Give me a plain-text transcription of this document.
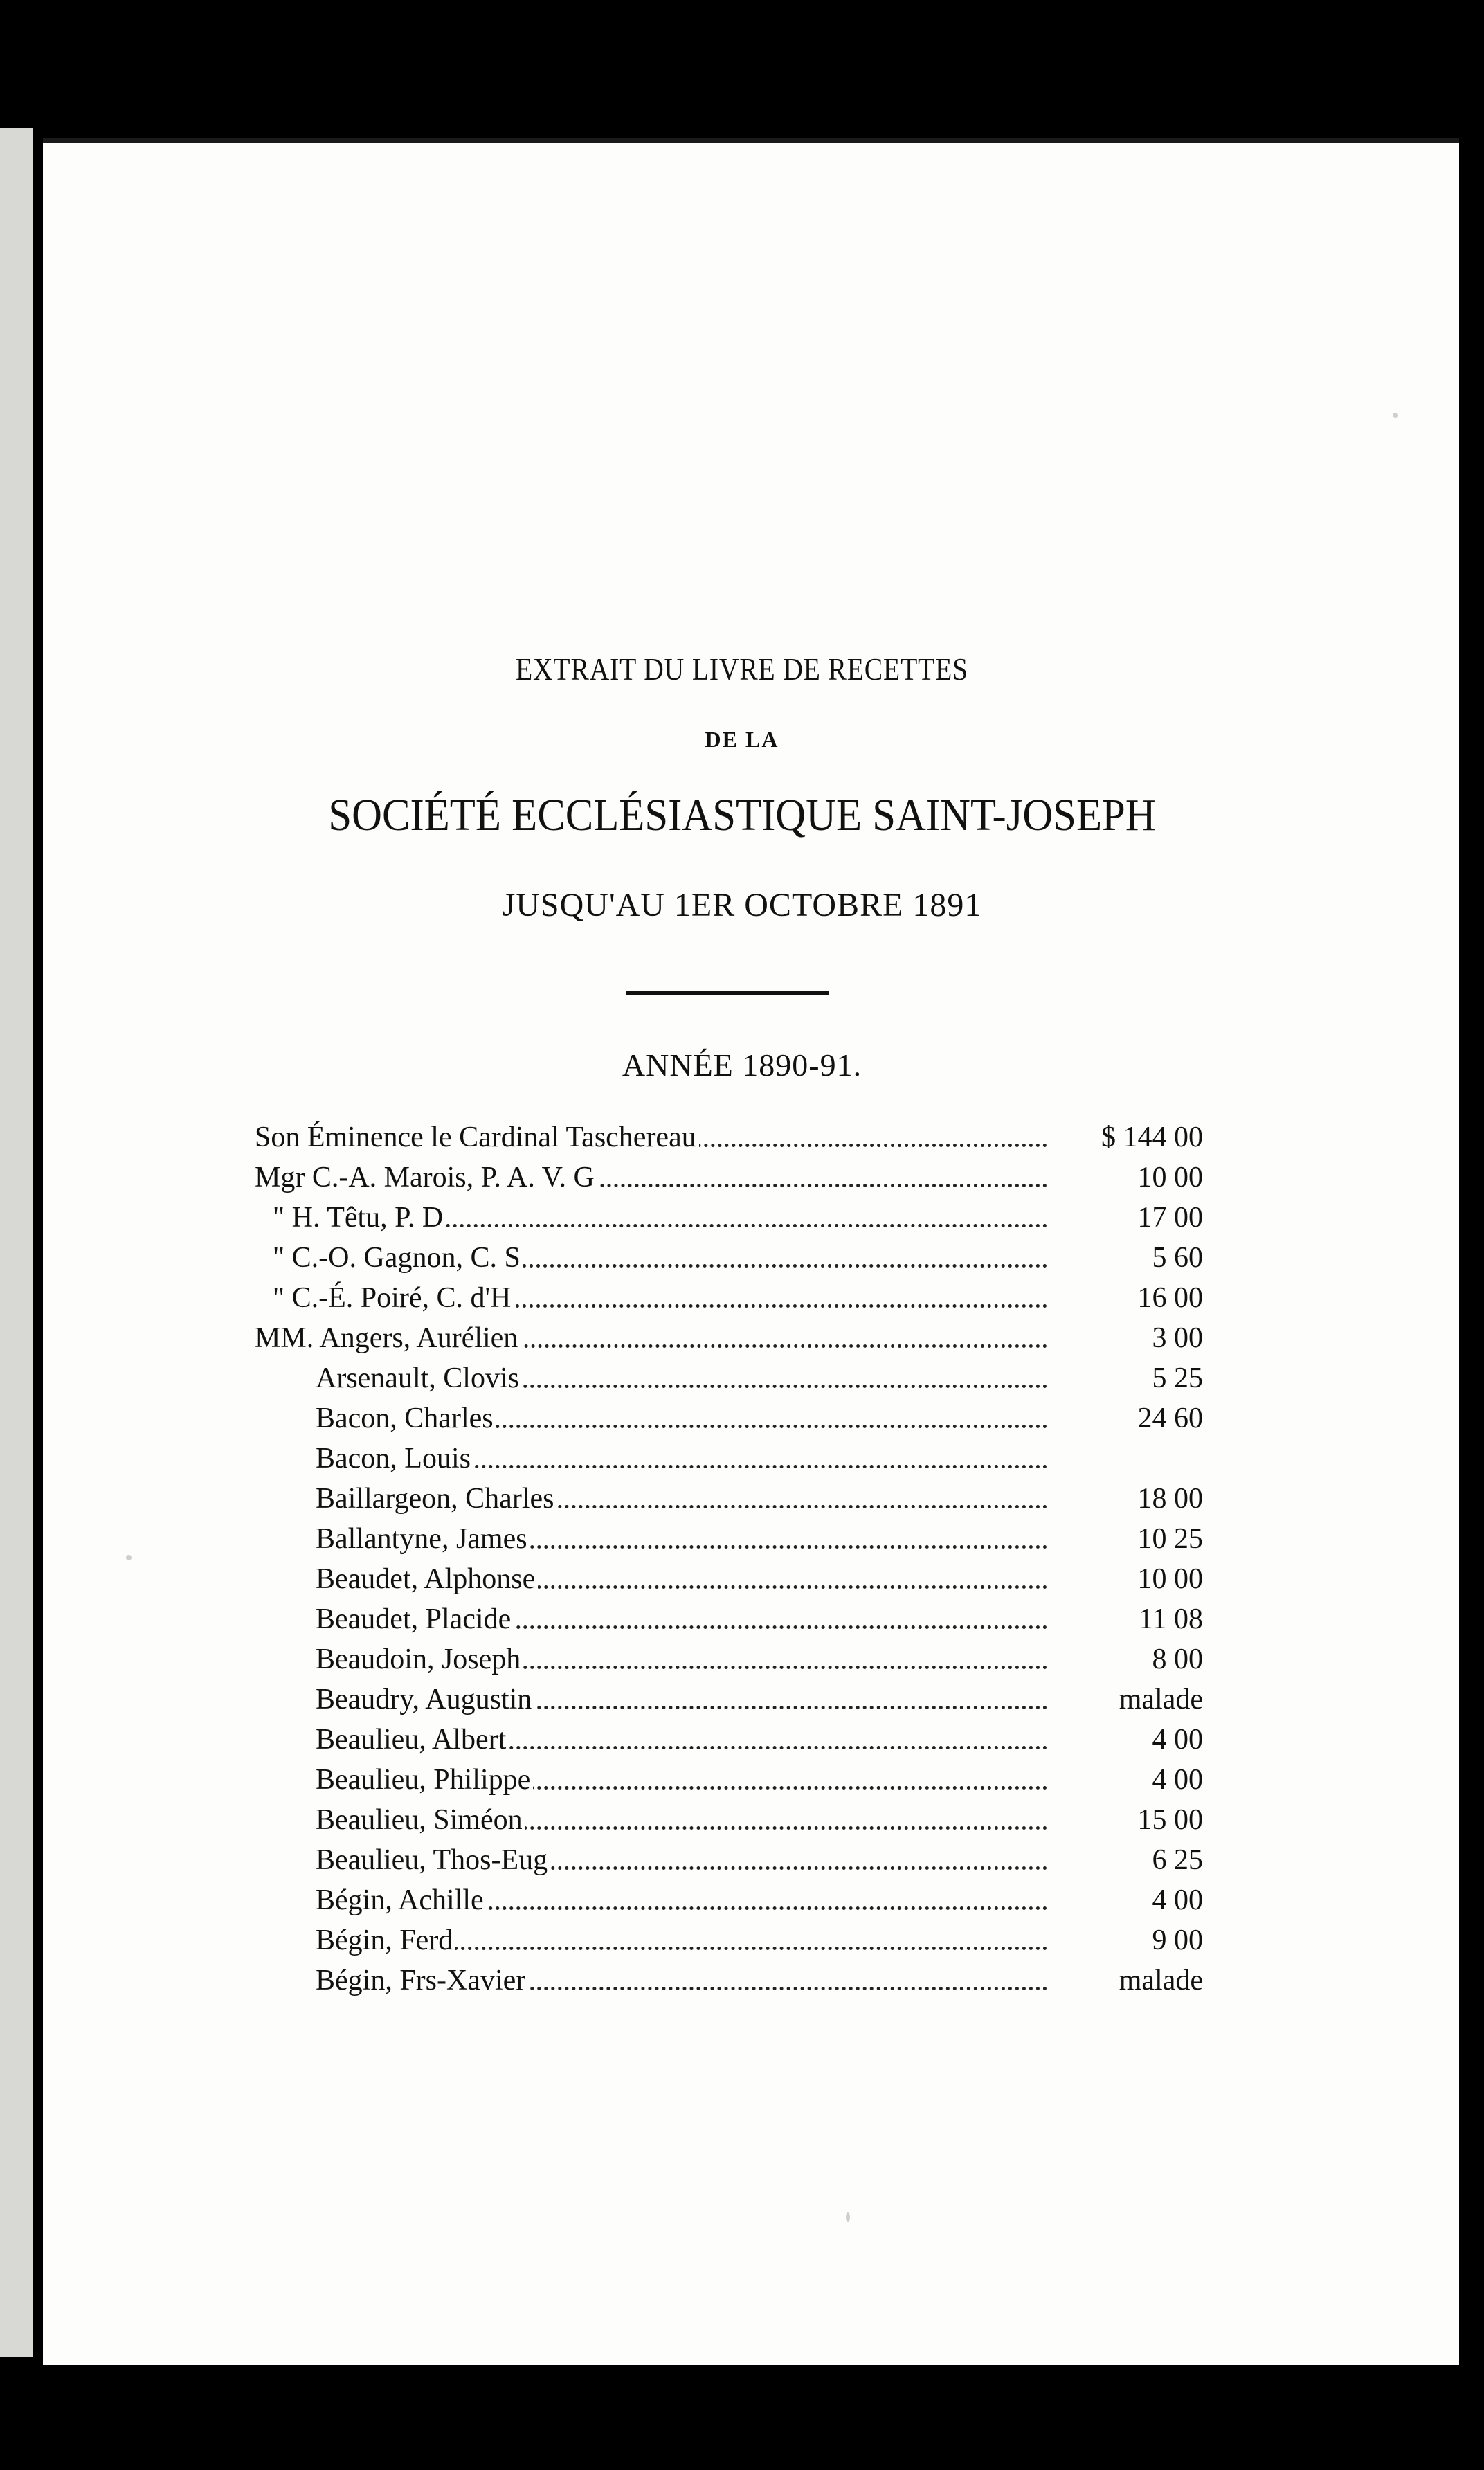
EXTRAIT DU LIVRE DE RECETTES
DE LA
SOCIÉTÉ ECCLÉSIASTIQUE SAINT-JOSEPH
JUSQU'AU 1ER OCTOBRE 1891
ANNÉE 1890-91.
Son Éminence le Cardinal Taschereau	$ 144 00
Mgr C.-A. Marois, P. A. V. G	10 00
" H. Têtu, P. D	17 00
" C.-O. Gagnon, C. S	5 60
" C.-É. Poiré, C. d'H	16 00
MM. Angers, Aurélien	3 00
Arsenault, Clovis	5 25
Bacon, Charles	24 60
Bacon, Louis
Baillargeon, Charles	18 00
Ballantyne, James	10 25
Beaudet, Alphonse	10 00
Beaudet, Placide	11 08
Beaudoin, Joseph	8 00
Beaudry, Augustin	malade
Beaulieu, Albert	4 00
Beaulieu, Philippe	4 00
Beaulieu, Siméon	15 00
Beaulieu, Thos-Eug	6 25
Bégin, Achille	4 00
Bégin, Ferd	9 00
Bégin, Frs-Xavier	malade
